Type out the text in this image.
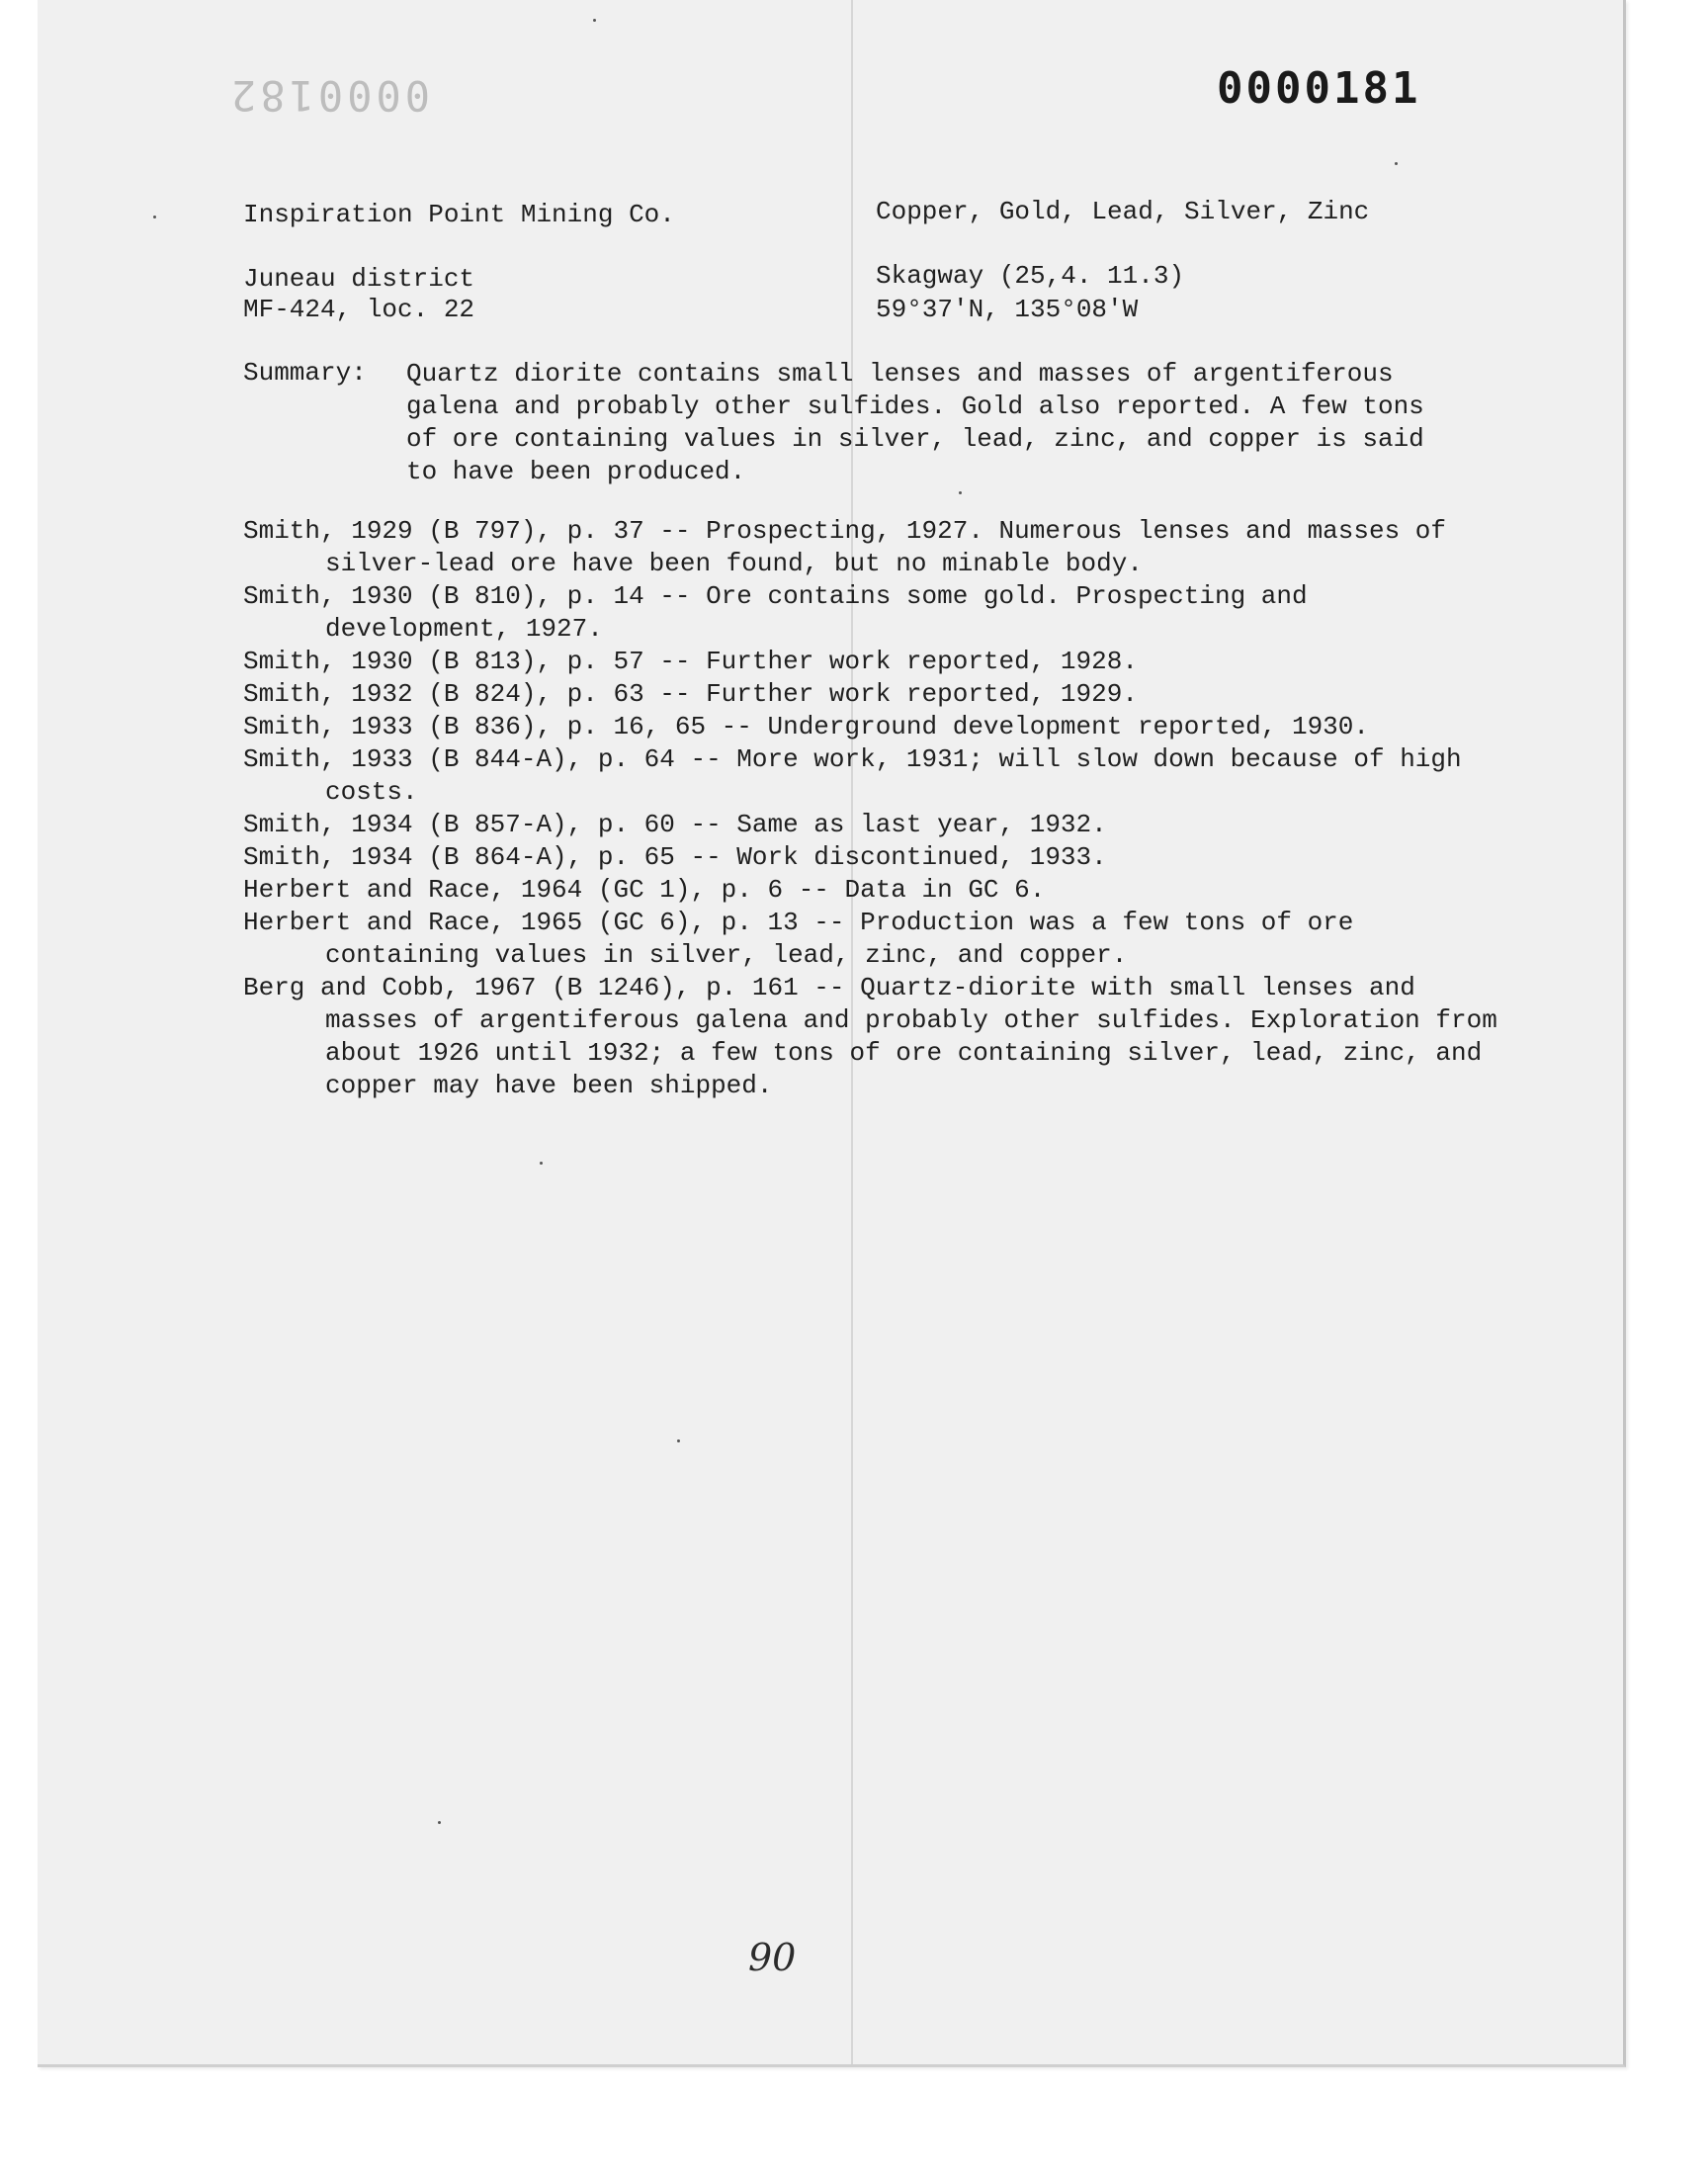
0000182	0000181
Inspiration Point Mining Co.	Copper, Gold, Lead, Silver, Zinc
Juneau district	Skagway (25,4. 11.3)
MF-424, loc. 22	59°37'N, 135°08'W
Summary: Quartz diorite contains small lenses and masses of argentiferous galena and probably other sulfides. Gold also reported. A few tons of ore containing values in silver, lead, zinc, and copper is said to have been produced.

Smith, 1929 (B 797), p. 37 -- Prospecting, 1927. Numerous lenses and masses of silver-lead ore have been found, but no minable body.

Smith, 1930 (B 810), p. 14 -- Ore contains some gold. Prospecting and development, 1927.

Smith, 1930 (B 813), p. 57 -- Further work reported, 1928.

Smith, 1932 (B 824), p. 63 -- Further work reported, 1929.

Smith, 1933 (B 836), p. 16, 65 -- Underground development reported, 1930.

Smith, 1933 (B 844-A), p. 64 -- More work, 1931; will slow down because of high costs.

Smith, 1934 (B 857-A), p. 60 -- Same as last year, 1932.

Smith, 1934 (B 864-A), p. 65 -- Work discontinued, 1933.

Herbert and Race, 1964 (GC 1), p. 6 -- Data in GC 6.

Herbert and Race, 1965 (GC 6), p. 13 -- Production was a few tons of ore containing values in silver, lead, zinc, and copper.

Berg and Cobb, 1967 (B 1246), p. 161 -- Quartz-diorite with small lenses and masses of argentiferous galena and probably other sulfides. Exploration from about 1926 until 1932; a few tons of ore containing silver, lead, zinc, and copper may have been shipped.

90
